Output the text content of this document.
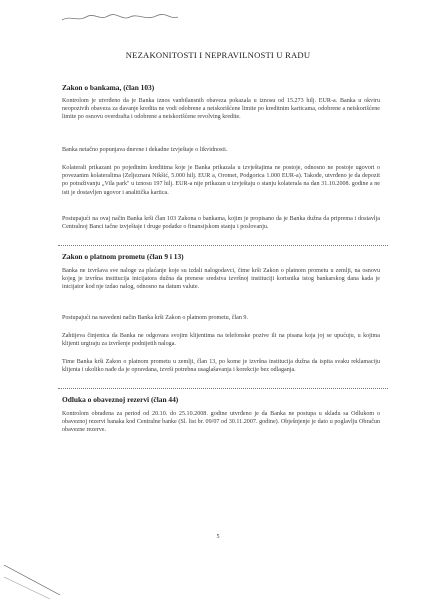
NEZAKONITOSTI I NEPRAVILNOSTI U RADU
Zakon o bankama, (član 103)
Kontrolom je utvrđeno da je Banka iznos vanbilansnih obaveza pokazala u iznosu od 15.273 hilj. EUR-a. Banka u okviru neopozivih obaveza za davanje kredita ne vodi odobrene a neiskorišćene limite po kreditnim karticama, odobrene a neiskorišćene limite po osnovu overdrafta i odobrene a neiskorišćene revolving kredite.
Banka netačno popunjava dnevne i dekadne izvještaje o likvidnosti.
Kolaterali prikazani po pojedinim kreditima koje je Banka prikazala u izvještajima ne postoje, odnosno ne postoje ugovori o povezanim kolateralima (Zeljeznara Nikšić, 5.000 hilj. EUR a, Oromet, Podgorica 1.000 EUR-a). Takođe, utvrđeno je da depozit po potraživanju „Vila park" u iznosu 197 hilj. EUR-a nije prikazan u izvještaju o stanju kolaterala na dan 31.10.2008. godine a ne isti je dostavljen ugovor i analitička kartica.
Postupajući na ovaj način Banka krši član 103 Zakona o bankama, kojim je propisano da je Banka dužna da priprema i dostavlja Centralnoj Banci tačne izvještaje i druge podatke o finansijskom stanju i poslovanju.
Zakon o platnom prometu (član 9 i 13)
Banka ne izvršava sve naloge za plaćanje koje su izdali nalogodavci, čime krši Zakon o platnom prometu u zemlji, na osnovu kojeg je izvršna institucija inicijatora dužna da prenese sredstva izvršnoj instituciji korisnika istog bankarskog dana kada je inicijator kod nje izdao nalog, odnosno na datum valute.
Postupajući na navedeni način Banka krši Zakon o platnom prometu, član 9.
Zahtijeva činjenica da Banka ne odgovara svojim klijentima na telefonske pozive ili na pisana koja joj se upućuju, u kojima klijenti urgiraju za izvršenje podnijetih naloga.
Time Banka krši Zakon o platnom prometu u zemlji, član 13, po kome je izvršna institucija dužna da ispita svaku reklamaciju klijenta i ukoliko nađe da je opravdana, izvrši potrebna usaglašavanja i korekcije bez odlaganja.
Odluka o obaveznoj rezervi (član 44)
Kontrolom obrađena za period od 20.10. do 25.10.2008. godine utvrđeno je da Banka ne postupa u skladu sa Odlukom o obaveznoj rezervi banaka kod Centralne banke (Sl. list br. 09/07 od 30.11.2007. godine). Obješnjenje je dato u poglavlju Obračun obavezne rezerve.
5
